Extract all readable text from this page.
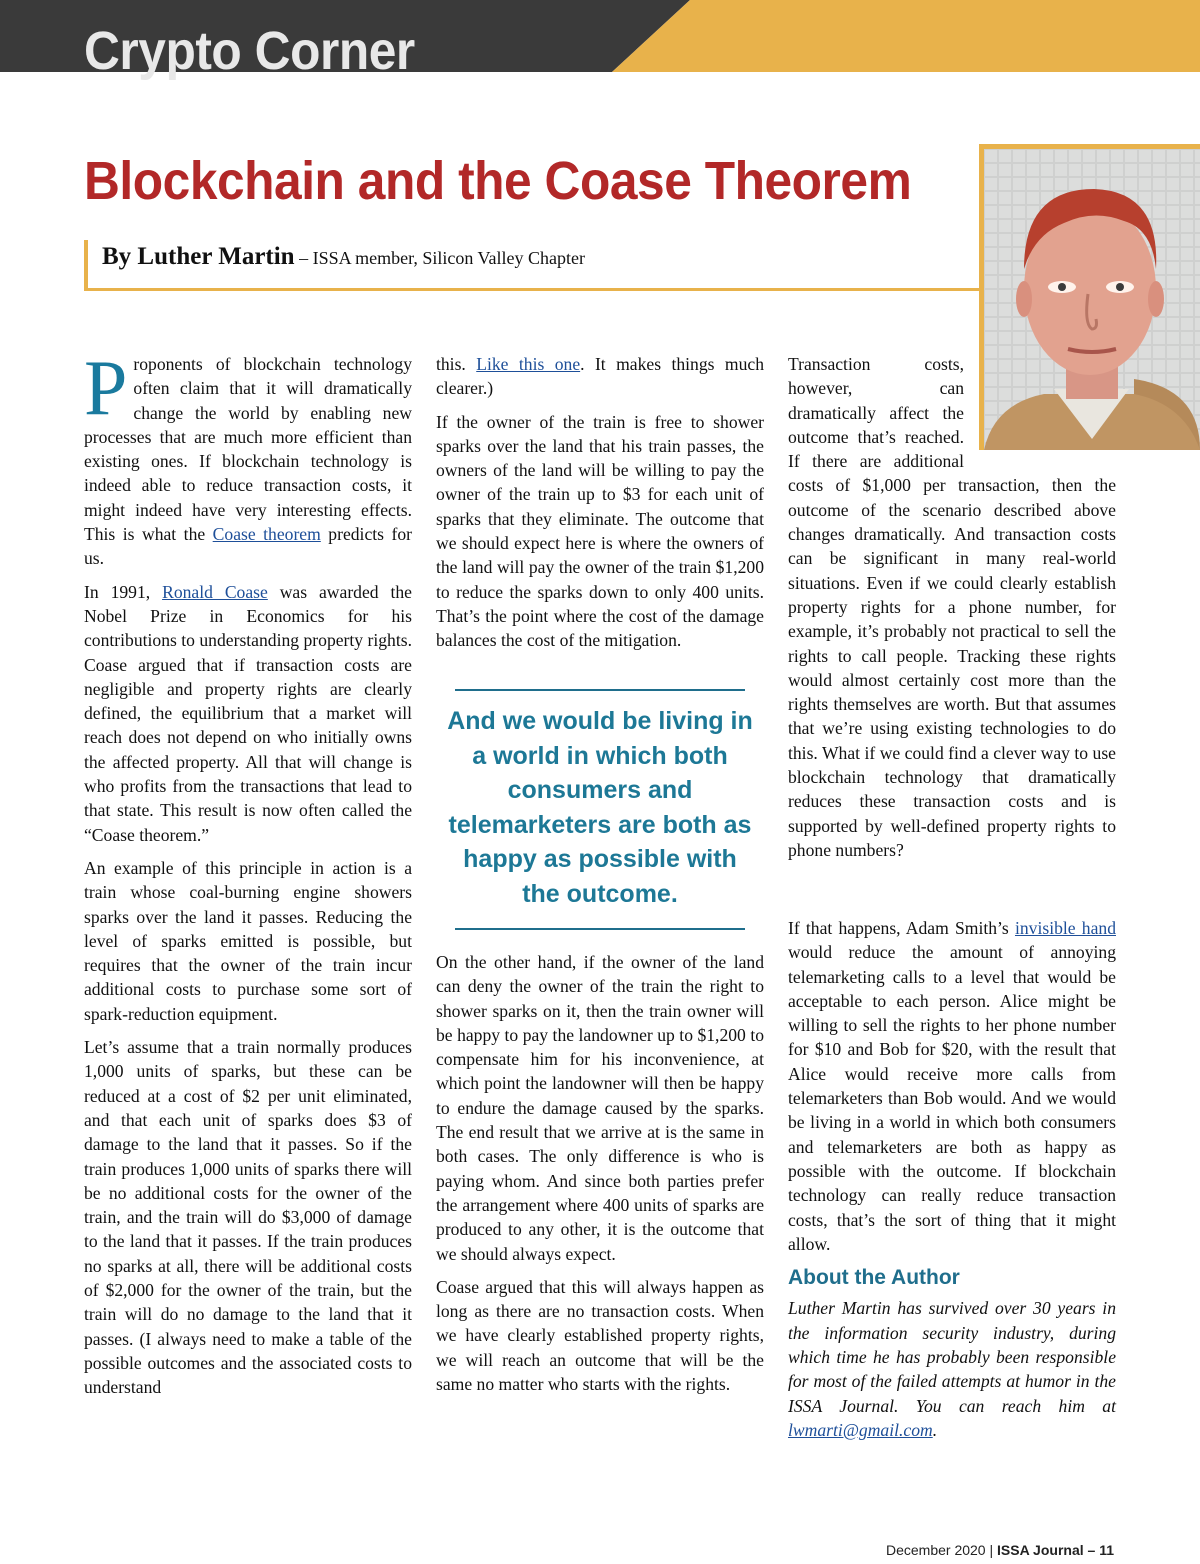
Crypto Corner
Blockchain and the Coase Theorem
By Luther Martin – ISSA member, Silicon Valley Chapter

Proponents of blockchain technology often claim that it will dramatically change the world by enabling new processes that are much more efficient than existing ones. If blockchain technology is indeed able to reduce transaction costs, it might indeed have very interesting effects. This is what the Coase theorem predicts for us.

In 1991, Ronald Coase was awarded the Nobel Prize in Economics for his contributions to understanding property rights. Coase argued that if transaction costs are negligible and property rights are clearly defined, the equilibrium that a market will reach does not depend on who initially owns the affected property. All that will change is who profits from the transactions that lead to that state. This result is now often called the “Coase theorem.”

An example of this principle in action is a train whose coal-burning engine showers sparks over the land it passes. Reducing the level of sparks emitted is possible, but requires that the owner of the train incur additional costs to purchase some sort of spark-reduction equipment.

Let’s assume that a train normally produces 1,000 units of sparks, but these can be reduced at a cost of $2 per unit eliminated, and that each unit of sparks does $3 of damage to the land that it passes. So if the train produces 1,000 units of sparks there will be no additional costs for the owner of the train, and the train will do $3,000 of damage to the land that it passes. If the train produces no sparks at all, there will be additional costs of $2,000 for the owner of the train, but the train will do no damage to the land that it passes. (I always need to make a table of the possible outcomes and the associated costs to understand

this. Like this one. It makes things much clearer.)

If the owner of the train is free to shower sparks over the land that his train passes, the owners of the land will be willing to pay the owner of the train up to $3 for each unit of sparks that they eliminate. The outcome that we should expect here is where the owners of the land will pay the owner of the train $1,200 to reduce the sparks down to only 400 units. That’s the point where the cost of the damage balances the cost of the mitigation.

And we would be living in a world in which both consumers and telemarketers are both as happy as possible with the outcome.

On the other hand, if the owner of the land can deny the owner of the train the right to shower sparks on it, then the train owner will be happy to pay the landowner up to $1,200 to compensate him for his inconvenience, at which point the landowner will then be happy to endure the damage caused by the sparks. The end result that we arrive at is the same in both cases. The only difference is who is paying whom. And since both parties prefer the arrangement where 400 units of sparks are produced to any other, it is the outcome that we should always expect.

Coase argued that this will always happen as long as there are no transaction costs. When we have clearly established property rights, we will reach an outcome that will be the same no matter who starts with the rights.

Transaction costs, however, can dramatically affect the outcome that’s reached. If there are additional costs of $1,000 per transaction, then the outcome of the scenario described above changes dramatically. And transaction costs can be significant in many real-world situations. Even if we could clearly establish property rights for a phone number, for example, it’s probably not practical to sell the rights to call people. Tracking these rights would almost certainly cost more than the rights themselves are worth. But that assumes that we’re using existing technologies to do this. What if we could find a clever way to use blockchain technology that dramatically reduces these transaction costs and is supported by well-defined property rights to phone numbers?

If that happens, Adam Smith’s invisible hand would reduce the amount of annoying telemarketing calls to a level that would be acceptable to each person. Alice might be willing to sell the rights to her phone number for $10 and Bob for $20, with the result that Alice would receive more calls from telemarketers than Bob would. And we would be living in a world in which both consumers and telemarketers are both as happy as possible with the outcome. If blockchain technology can really reduce transaction costs, that’s the sort of thing that it might allow.

About the Author

Luther Martin has survived over 30 years in the information security industry, during which time he has probably been responsible for most of the failed attempts at humor in the ISSA Journal. You can reach him at lwmarti@gmail.com.

December 2020 | ISSA Journal – 11
